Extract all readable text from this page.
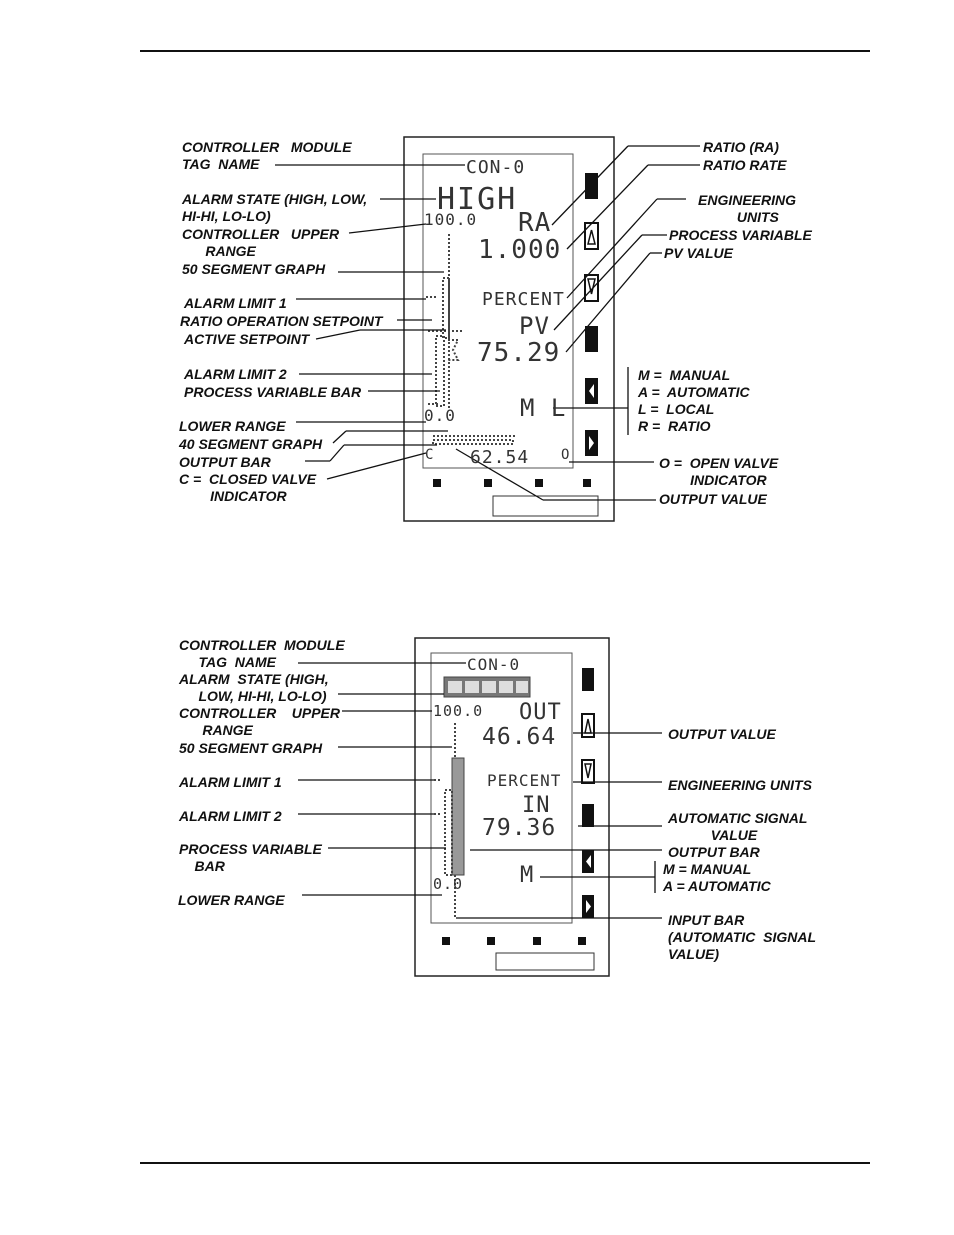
CON-0
HIGH
100.0 RA
1.000
PERCENT
PV
75.29
M L
0.0
C 62.54 O
CONTROLLER   MODULE
TAG  NAME
ALARM STATE (HIGH, LOW,
HI-HI, LO-LO)
CONTROLLER   UPPER
RANGE
50 SEGMENT GRAPH
ALARM LIMIT 1
RATIO OPERATION SETPOINT
ACTIVE SETPOINT
ALARM LIMIT 2
PROCESS VARIABLE BAR
LOWER RANGE
40 SEGMENT GRAPH
OUTPUT BAR
C =  CLOSED VALVE
INDICATOR
RATIO (RA)
RATIO RATE
ENGINEERING
UNITS
PROCESS VARIABLE
PV VALUE
M =  MANUAL
A =  AUTOMATIC
L =  LOCAL
R =  RATIO
O =  OPEN VALVE
INDICATOR
OUTPUT VALUE
CON-0
100.0 OUT
46.64
PERCENT
IN
79.36
M
0.0
CONTROLLER  MODULE
TAG  NAME
ALARM  STATE (HIGH,
LOW, HI-HI, LO-LO)
CONTROLLER    UPPER
RANGE
50 SEGMENT GRAPH
ALARM LIMIT 1
ALARM LIMIT 2
PROCESS VARIABLE
BAR
LOWER RANGE
OUTPUT VALUE
ENGINEERING UNITS
AUTOMATIC SIGNAL
VALUE
OUTPUT BAR
M = MANUAL
A = AUTOMATIC
INPUT BAR
(AUTOMATIC  SIGNAL
VALUE)
